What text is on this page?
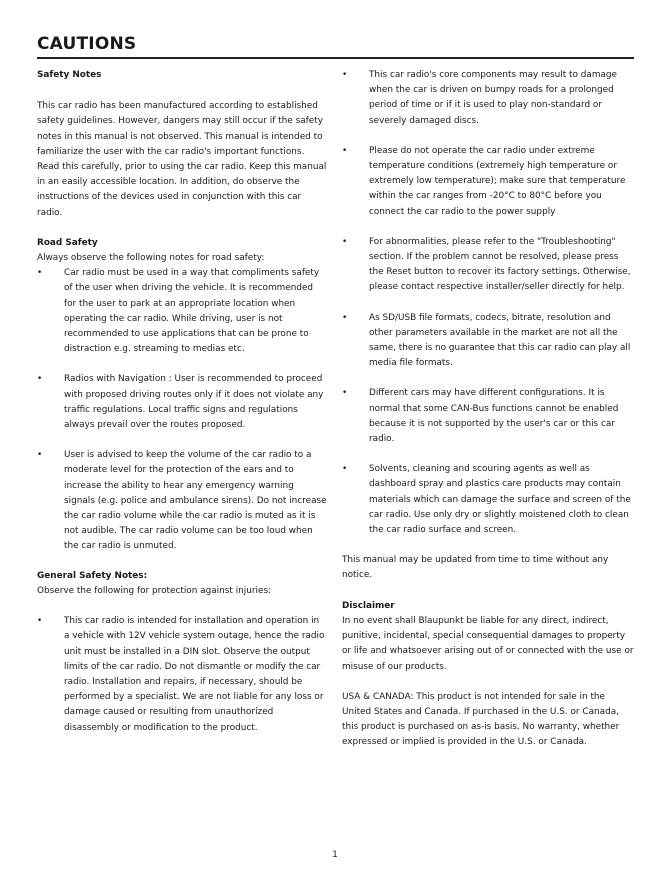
CAUTIONS

Safety Notes

This car radio has been manufactured according to established safety guidelines. However, dangers may still occur if the safety notes in this manual is not observed. This manual is intended to familiarize the user with the car radio's important functions. Read this carefully, prior to using the car radio. Keep this manual in an easily accessible location. In addition, do observe the instructions of the devices used in conjunction with this car radio.

Road Safety

Always observe the following notes for road safety:

•	Car radio must be used in a way that compliments safety of the user when driving the vehicle. It is recommended for the user to park at an appropriate location when operating the car radio. While driving, user is not recommended to use applications that can be prone to distraction e.g. streaming to medias etc.
•	Radios with Navigation : User is recommended to proceed with proposed driving routes only if it does not violate any traffic regulations. Local traffic signs and regulations always prevail over the routes proposed.
•	User is advised to keep the volume of the car radio to a moderate level for the protection of the ears and to increase the ability to hear any emergency warning signals (e.g. police and ambulance sirens). Do not increase the car radio volume while the car radio is muted as it is not audible. The car radio volume can be too loud when the car radio is unmuted.

General Safety Notes:

Observe the following for protection against injuries:

•	This car radio is intended for installation and operation in a vehicle with 12V vehicle system outage, hence the radio unit must be installed in a DIN slot. Observe the output limits of the car radio. Do not dismantle or modify the car radio. Installation and repairs, if necessary, should be performed by a specialist. We are not liable for any loss or damage caused or resulting from unauthorized disassembly or modification to the product.
•	This car radio's core components may result to damage when the car is driven on bumpy roads for a prolonged period of time or if it is used to play non-standard or severely damaged discs.
•	Please do not operate the car radio under extreme temperature conditions (extremely high temperature or extremely low temperature); make sure that temperature within the car ranges from -20°C to 80°C before you connect the car radio to the power supply
•	For abnormalities, please refer to the "Troubleshooting" section. If the problem cannot be resolved, please press the Reset button to recover its factory settings. Otherwise, please contact respective installer/seller directly for help.
•	As SD/USB file formats, codecs, bitrate, resolution and other parameters available in the market are not all the same, there is no guarantee that this car radio can play all media file formats.
•	Different cars may have different configurations. It is normal that some CAN-Bus functions cannot be enabled because it is not supported by the user's car or this car radio.
•	Solvents, cleaning and scouring agents as well as dashboard spray and plastics care products may contain materials which can damage the surface and screen of the car radio. Use only dry or slightly moistened cloth to clean the car radio surface and screen.

This manual may be updated from time to time without any notice.

Disclaimer

In no event shall Blaupunkt be liable for any direct, indirect, punitive, incidental, special consequential damages to property or life and whatsoever arising out of or connected with the use or misuse of our products.

USA & CANADA: This product is not intended for sale in the United States and Canada. If purchased in the U.S. or Canada, this product is purchased on as-is basis. No warranty, whether expressed or implied is provided in the U.S. or Canada.

1
